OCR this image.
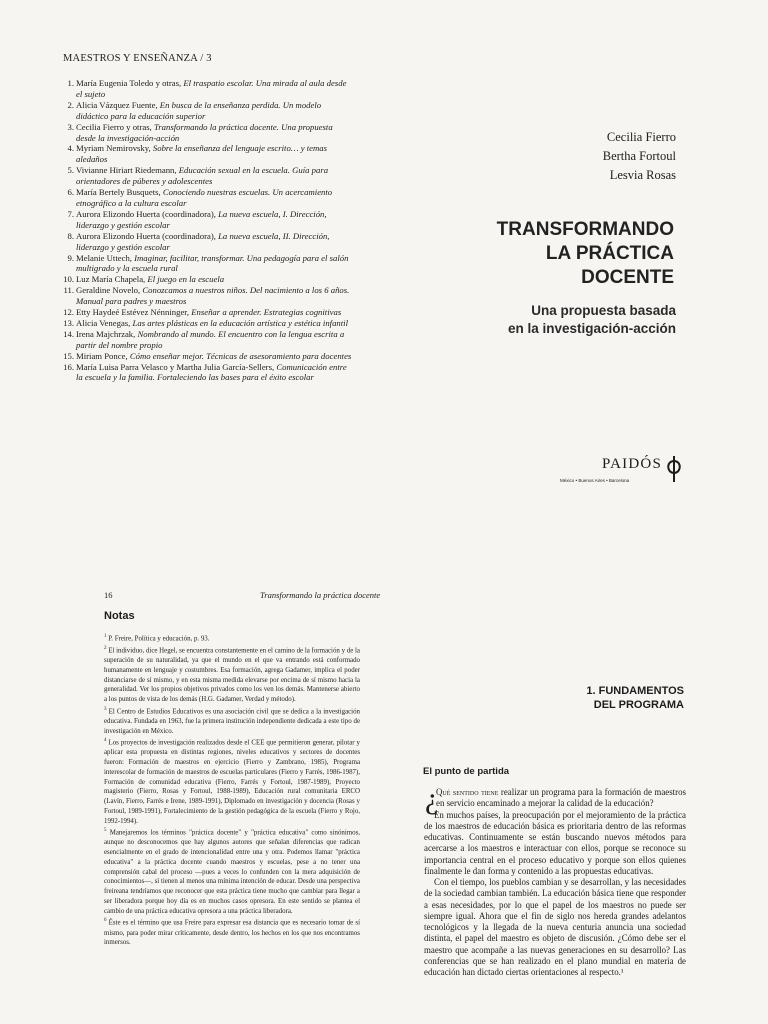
MAESTROS Y ENSEÑANZA / 3
1. María Eugenia Toledo y otras, El traspatio escolar. Una mirada al aula desde el sujeto
2. Alicia Vázquez Fuente, En busca de la enseñanza perdida. Un modelo didáctico para la educación superior
3. Cecilia Fierro y otras, Transformando la práctica docente. Una propuesta desde la investigación-acción
4. Myriam Nemirovsky, Sobre la enseñanza del lenguaje escrito… y temas aledaños
5. Vivianne Hiriart Riedemann, Educación sexual en la escuela. Guía para orientadores de púberes y adolescentes
6. María Bertely Busquets, Conociendo nuestras escuelas. Un acercamiento etnográfico a la cultura escolar
7. Aurora Elizondo Huerta (coordinadora), La nueva escuela, I. Dirección, liderazgo y gestión escolar
8. Aurora Elizondo Huerta (coordinadora), La nueva escuela, II. Dirección, liderazgo y gestión escolar
9. Melanie Uttech, Imaginar, facilitar, transformar. Una pedagogía para el salón multigrado y la escuela rural
10. Luz María Chapela, El juego en la escuela
11. Geraldine Novelo, Conozcamos a nuestros niños. Del nacimiento a los 6 años. Manual para padres y maestros
12. Etty Haydeé Estévez Nénninger, Enseñar a aprender. Estrategias cognitivas
13. Alicia Venegas, Las artes plásticas en la educación artística y estética infantil
14. Irena Majchrzak, Nombrando al mundo. El encuentro con la lengua escrita a partir del nombre propio
15. Miriam Ponce, Cómo enseñar mejor. Técnicas de asesoramiento para docentes
16. María Luisa Parra Velasco y Martha Julia García-Sellers, Comunicación entre la escuela y la familia. Fortaleciendo las bases para el éxito escolar
Cecilia Fierro
Bertha Fortoul
Lesvia Rosas
TRANSFORMANDO
LA PRÁCTICA
DOCENTE
Una propuesta basada
en la investigación-acción
PAIDÓS
México • Buenos Aires • Barcelona
16	Transformando la práctica docente
Notas

$^1$ P. Freire, Política y educación, p. 93.

$^2$ El individuo, dice Hegel, se encuentra constantemente en el camino de la formación y de la superación de su naturalidad, ya que el mundo en el que va entrando está conformado humanamente en lenguaje y costumbres. Esa formación, agrega Gadamer, implica el poder distanciarse de sí mismo, y en esta misma medida elevarse por encima de sí mismo hacia la generalidad. Ver los propios objetivos privados como los ven los demás. Mantenerse abierto a los puntos de vista de los demás (H.G. Gadamer, Verdad y método).

$^3$ El Centro de Estudios Educativos es una asociación civil que se dedica a la investigación educativa. Fundada en 1963, fue la primera institución independiente dedicada a este tipo de investigación en México.

$^4$ Los proyectos de investigación realizados desde el CEE que permitieron generar, pilotar y aplicar esta propuesta en distintas regiones, niveles educativos y sectores de docentes fueron: Formación de maestros en ejercicio (Fierro y Zambrano, 1985), Programa interescolar de formación de maestros de escuelas particulares (Fierro y Farrés, 1986-1987), Formación de comunidad educativa (Fierro, Farrés y Fortoul, 1987-1989), Proyecto magisterio (Fierro, Rosas y Fortoul, 1988-1989), Educación rural comunitaria ERCO (Lavín, Fierro, Farrés e Irene, 1989-1991), Diplomado en investigación y docencia (Rosas y Fortoul, 1989-1991), Fortalecimiento de la gestión pedagógica de la escuela (Fierro y Rojo, 1992-1994).

$^5$ Manejaremos los términos "práctica docente" y "práctica educativa" como sinónimos, aunque no desconocemos que hay algunos autores que señalan diferencias que radican esencialmente en el grado de intencionalidad entre una y otra. Podemos llamar "práctica educativa" a la práctica docente cuando maestros y escuelas, pese a no tener una comprensión cabal del proceso —pues a veces lo confunden con la mera adquisición de conocimientos—, sí tienen al menos una mínima intención de educar. Desde una perspectiva freireana tendríamos que reconocer que esta práctica tiene mucho que cambiar para llegar a ser liberadora porque hoy día es en muchos casos opresora. En este sentido se plantea el cambio de una práctica educativa opresora a una práctica liberadora.

$^6$ Éste es el término que usa Freire para expresar esa distancia que es necesario tomar de sí mismo, para poder mirar críticamente, desde dentro, los hechos en los que nos encontramos inmersos.

1. FUNDAMENTOS
DEL PROGRAMA
El punto de partida
¿

Qué sentido tiene realizar un programa para la formación de maestros en servicio encaminado a mejorar la calidad de la educación?

En muchos países, la preocupación por el mejoramiento de la práctica de los maestros de educación básica es prioritaria dentro de las reformas educativas. Continuamente se están buscando nuevos métodos para acercarse a los maestros e interactuar con ellos, porque se reconoce su importancia central en el proceso educativo y porque son ellos quienes finalmente le dan forma y contenido a las propuestas educativas.

Con el tiempo, los pueblos cambian y se desarrollan, y las necesidades de la sociedad cambian también. La educación básica tiene que responder a esas necesidades, por lo que el papel de los maestros no puede ser siempre igual. Ahora que el fin de siglo nos hereda grandes adelantos tecnológicos y la llegada de la nueva centuria anuncia una sociedad distinta, el papel del maestro es objeto de discusión. ¿Cómo debe ser el maestro que acompañe a las nuevas generaciones en su desarrollo? Las conferencias que se han realizado en el plano mundial en materia de educación han dictado ciertas orientaciones al respecto.¹
